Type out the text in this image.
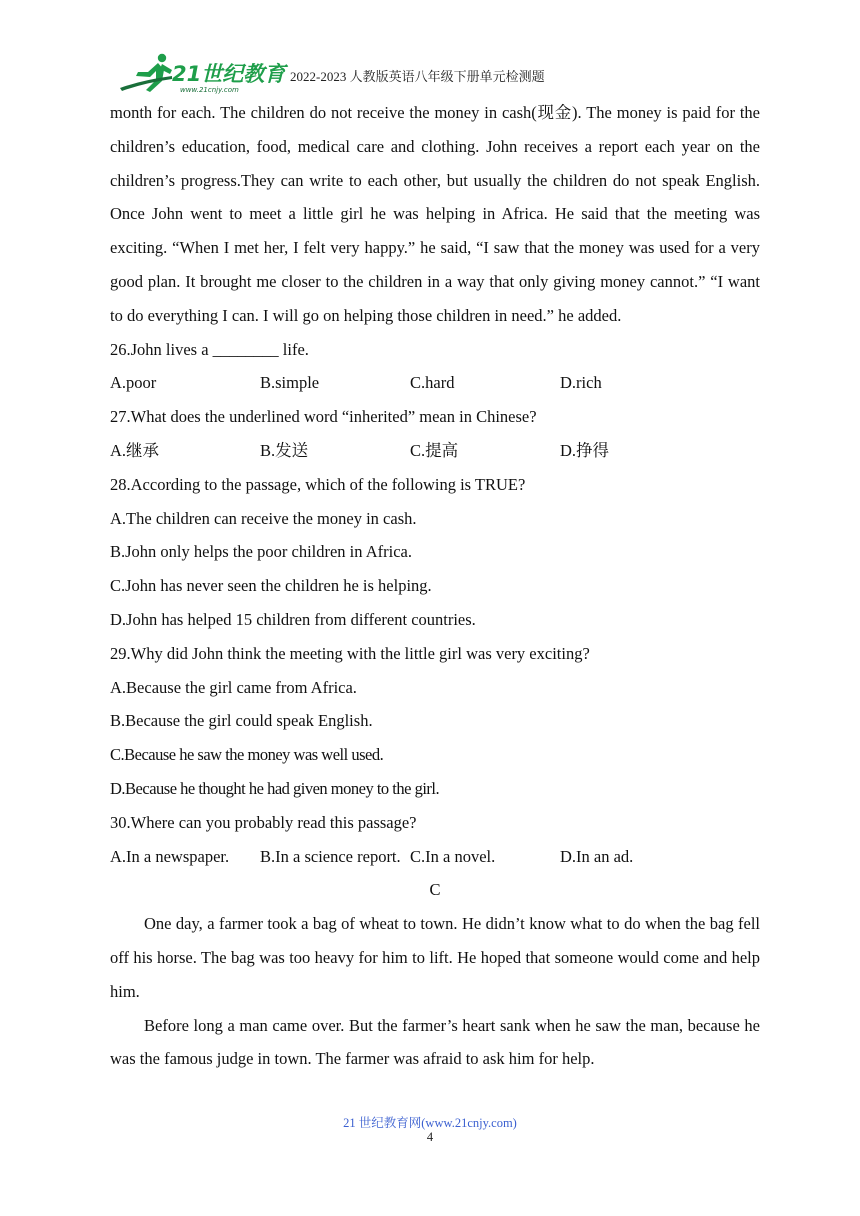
21世纪教育
www.21cnjy.com
2022-2023 人教版英语八年级下册单元检测题

month for each. The children do not receive the money in cash(现金). The money is paid for the children’s education, food, medical care and clothing. John receives a report each year on the children’s progress.They can write to each other, but usually the children do not speak English. Once John went to meet a little girl he was helping in Africa. He said that the meeting was exciting. “When I met her, I felt very happy.” he said, “I saw that the money was used for a very good plan. It brought me closer to the children in a way that only giving money cannot.” “I want to do everything I can. I will go on helping those children in need.” he added.

26.John lives a ________ life.

A.poor	B.simple	C.hard	D.rich

27.What does the underlined word “inherited” mean in Chinese?

A.继承	B.发送	C.提高	D.挣得

28.According to the passage, which of the following is TRUE?

A.The children can receive the money in cash.

B.John only helps the poor children in Africa.

C.John has never seen the children he is helping.

D.John has helped 15 children from different countries.

29.Why did John think the meeting with the little girl was very exciting?

A.Because the girl came from Africa.

B.Because the girl could speak English.

C.Because he saw the money was well used.

D.Because he thought he had given money to the girl.

30.Where can you probably read this passage?

A.In a newspaper.	B.In a science report. C.In a novel.	D.In an ad.

C

One day, a farmer took a bag of wheat to town. He didn’t know what to do when the bag fell off his horse. The bag was too heavy for him to lift. He hoped that someone would come and help him.

Before long a man came over. But the farmer’s heart sank when he saw the man, because he was the famous judge in town. The farmer was afraid to ask him for help.

21 世纪教育网(www.21cnjy.com)
4
